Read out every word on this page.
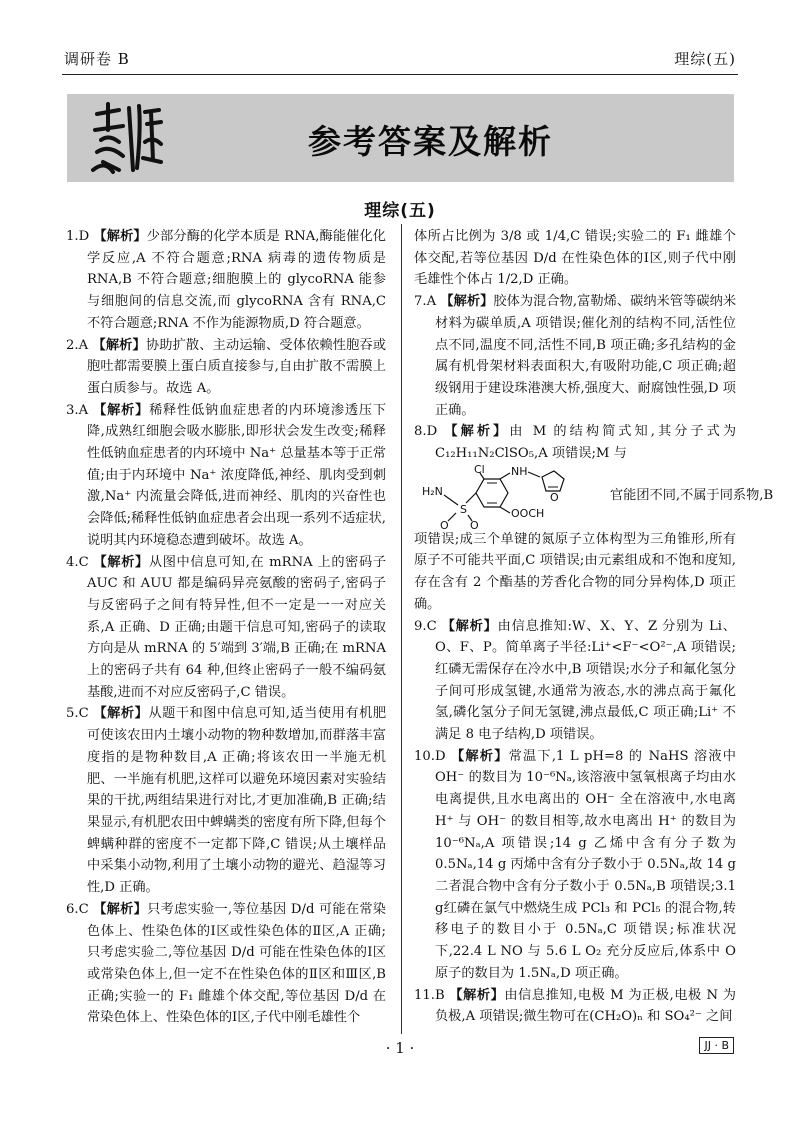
调研卷 B	理综(五)
参考答案及解析
理综(五)

1.D 【解析】少部分酶的化学本质是 RNA,酶能催化化学反应,A 不符合题意;RNA 病毒的遗传物质是 RNA,B 不符合题意;细胞膜上的 glycoRNA 能参与细胞间的信息交流,而 glycoRNA 含有 RNA,C 不符合题意;RNA 不作为能源物质,D 符合题意。

2.A 【解析】协助扩散、主动运输、受体依赖性胞吞或胞吐都需要膜上蛋白质直接参与,自由扩散不需膜上蛋白质参与。故选 A。

3.A 【解析】稀释性低钠血症患者的内环境渗透压下降,成熟红细胞会吸水膨胀,即形状会发生改变;稀释性低钠血症患者的内环境中 Na⁺ 总量基本等于正常值;由于内环境中 Na⁺ 浓度降低,神经、肌肉受到刺激,Na⁺ 内流量会降低,进而神经、肌肉的兴奋性也会降低;稀释性低钠血症患者会出现一系列不适症状,说明其内环境稳态遭到破坏。故选 A。

4.C 【解析】从图中信息可知,在 mRNA 上的密码子 AUC 和 AUU 都是编码异亮氨酸的密码子,密码子与反密码子之间有特异性,但不一定是一一对应关系,A 正确、D 正确;由题干信息可知,密码子的读取方向是从 mRNA 的 5′端到 3′端,B 正确;在 mRNA 上的密码子共有 64 种,但终止密码子一般不编码氨基酸,进而不对应反密码子,C 错误。

5.C 【解析】从题干和图中信息可知,适当使用有机肥可使该农田内土壤小动物的物种数增加,而群落丰富度指的是物种数目,A 正确;将该农田一半施无机肥、一半施有机肥,这样可以避免环境因素对实验结果的干扰,两组结果进行对比,才更加准确,B 正确;结果显示,有机肥农田中蜱螨类的密度有所下降,但每个蜱螨种群的密度不一定都下降,C 错误;从土壤样品中采集小动物,利用了土壤小动物的避光、趋湿等习性,D 正确。

6.C 【解析】只考虑实验一,等位基因 D/d 可能在常染色体上、性染色体的Ⅰ区或性染色体的Ⅱ区,A 正确;只考虑实验二,等位基因 D/d 可能在性染色体的Ⅰ区或常染色体上,但一定不在性染色体的Ⅱ区和Ⅲ区,B 正确;实验一的 F₁ 雌雄个体交配,等位基因 D/d 在常染色体上、性染色体的Ⅰ区,子代中刚毛雄性个

体所占比例为 3/8 或 1/4,C 错误;实验二的 F₁ 雌雄个体交配,若等位基因 D/d 在性染色体的Ⅰ区,则子代中刚毛雄性个体占 1/2,D 正确。

7.A 【解析】胶体为混合物,富勒烯、碳纳米管等碳纳米材料为碳单质,A 项错误;催化剂的结构不同,活性位点不同,温度不同,活性不同,B 项正确;多孔结构的金属有机骨架材料表面积大,有吸附功能,C 项正确;超级钢用于建设珠港澳大桥,强度大、耐腐蚀性强,D 项正确。

8.D 【解析】由 M 的结构简式知,其分子式为 C₁₂H₁₁N₂ClSO₅,A 项错误;M 与

Cl NH
O
S
H₂N
O O
OOCH
官能团不同,不属于同系物,B

项错误;成三个单键的氮原子立体构型为三角锥形,所有原子不可能共平面,C 项错误;由元素组成和不饱和度知,存在含有 2 个酯基的芳香化合物的同分异构体,D 项正确。

9.C 【解析】由信息推知:W、X、Y、Z 分别为 Li、O、F、P。简单离子半径:Li⁺<F⁻<O²⁻,A 项错误;红磷无需保存在冷水中,B 项错误;水分子和氟化氢分子间可形成氢键,水通常为液态,水的沸点高于氟化氢,磷化氢分子间无氢键,沸点最低,C 项正确;Li⁺ 不满足 8 电子结构,D 项错误。

10.D 【解析】常温下,1 L pH=8 的 NaHS 溶液中 OH⁻ 的数目为 10⁻⁶Nₐ,该溶液中氢氧根离子均由水电离提供,且水电离出的 OH⁻ 全在溶液中,水电离 H⁺ 与 OH⁻ 的数目相等,故水电离出 H⁺ 的数目为 10⁻⁶Nₐ,A 项错误;14 g 乙烯中含有分子数为 0.5Nₐ,14 g 丙烯中含有分子数小于 0.5Nₐ,故 14 g 二者混合物中含有分子数小于 0.5Nₐ,B 项错误;3.1 g红磷在氯气中燃烧生成 PCl₃ 和 PCl₅ 的混合物,转移电子的数目小于 0.5Nₐ,C 项错误;标准状况下,22.4 L NO 与 5.6 L O₂ 充分反应后,体系中 O 原子的数目为 1.5Nₐ,D 项正确。

11.B 【解析】由信息推知,电极 M 为正极,电极 N 为负极,A 项错误;微生物可在(CH₂O)ₙ 和 SO₄²⁻ 之间

· 1 ·	JJ · B
